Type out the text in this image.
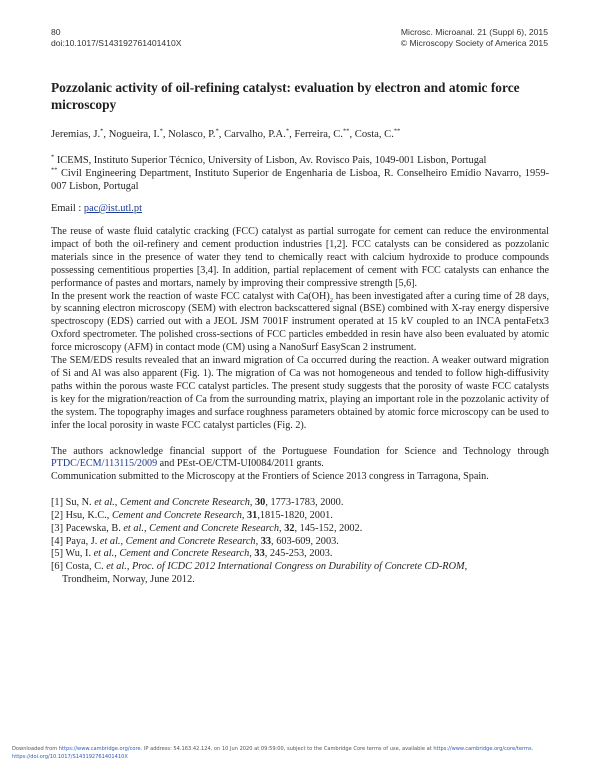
80
doi:10.1017/S143192761401410X
Microsc. Microanal. 21 (Suppl 6), 2015
© Microscopy Society of America 2015
Pozzolanic activity of oil-refining catalyst: evaluation by electron and atomic force microscopy
Jeremias, J.*, Nogueira, I.*, Nolasco, P.*, Carvalho, P.A.*, Ferreira, C.**, Costa, C.**
* ICEMS, Instituto Superior Técnico, University of Lisbon, Av. Rovisco Pais, 1049-001 Lisbon, Portugal
** Civil Engineering Department, Instituto Superior de Engenharia de Lisboa, R. Conselheiro Emídio Navarro, 1959-007 Lisbon, Portugal
Email : pac@ist.utl.pt

The reuse of waste fluid catalytic cracking (FCC) catalyst as partial surrogate for cement can reduce the environmental impact of both the oil-refinery and cement production industries [1,2]. FCC catalysts can be considered as pozzolanic materials since in the presence of water they tend to chemically react with calcium hydroxide to produce compounds possessing cementitious properties [3,4]. In addition, partial replacement of cement with FCC catalysts can enhance the performance of pastes and mortars, namely by improving their compressive strength [5,6].

In the present work the reaction of waste FCC catalyst with $Ca(OH)_2$ has been investigated after a curing time of 28 days, by scanning electron microscopy (SEM) with electron backscattered signal (BSE) combined with X-ray energy dispersive spectroscopy (EDS) carried out with a JEOL JSM 7001F instrument operated at 15 kV coupled to an INCA pentaFetx3 Oxford spectrometer. The polished cross-sections of FCC particles embedded in resin have also been evaluated by atomic force microscopy (AFM) in contact mode (CM) using a NanoSurf EasyScan 2 instrument.

The SEM/EDS results revealed that an inward migration of Ca occurred during the reaction. A weaker outward migration of Si and Al was also apparent (Fig. 1). The migration of Ca was not homogeneous and tended to follow high-diffusivity paths within the porous waste FCC catalyst particles. The present study suggests that the porosity of waste FCC catalysts is key for the migration/reaction of Ca from the surrounding matrix, playing an important role in the pozzolanic activity of the system. The topography images and surface roughness parameters obtained by atomic force microscopy can be used to infer the local porosity in waste FCC catalyst particles (Fig. 2).

The authors acknowledge financial support of the Portuguese Foundation for Science and Technology through PTDC/ECM/113115/2009 and PEst-OE/CTM-UI0084/2011 grants.

Communication submitted to the Microscopy at the Frontiers of Science 2013 congress in Tarragona, Spain.

[1] Su, N. et al., Cement and Concrete Research, 30, 1773-1783, 2000.
[2] Hsu, K.C., Cement and Concrete Research, 31,1815-1820, 2001.
[3] Pacewska, B. et al., Cement and Concrete Research, 32, 145-152, 2002.
[4] Paya, J. et al., Cement and Concrete Research, 33, 603-609, 2003.
[5] Wu, I. et al., Cement and Concrete Research, 33, 245-253, 2003.
[6] Costa, C. et al., Proc. of ICDC 2012 International Congress on Durability of Concrete CD-ROM,
Trondheim, Norway, June 2012.
Downloaded from https://www.cambridge.org/core. IP address: 54.163.42.124, on 10 Jun 2020 at 09:59:00, subject to the Cambridge Core terms of use, available at https://www.cambridge.org/core/terms.
https://doi.org/10.1017/S143192761401410X
